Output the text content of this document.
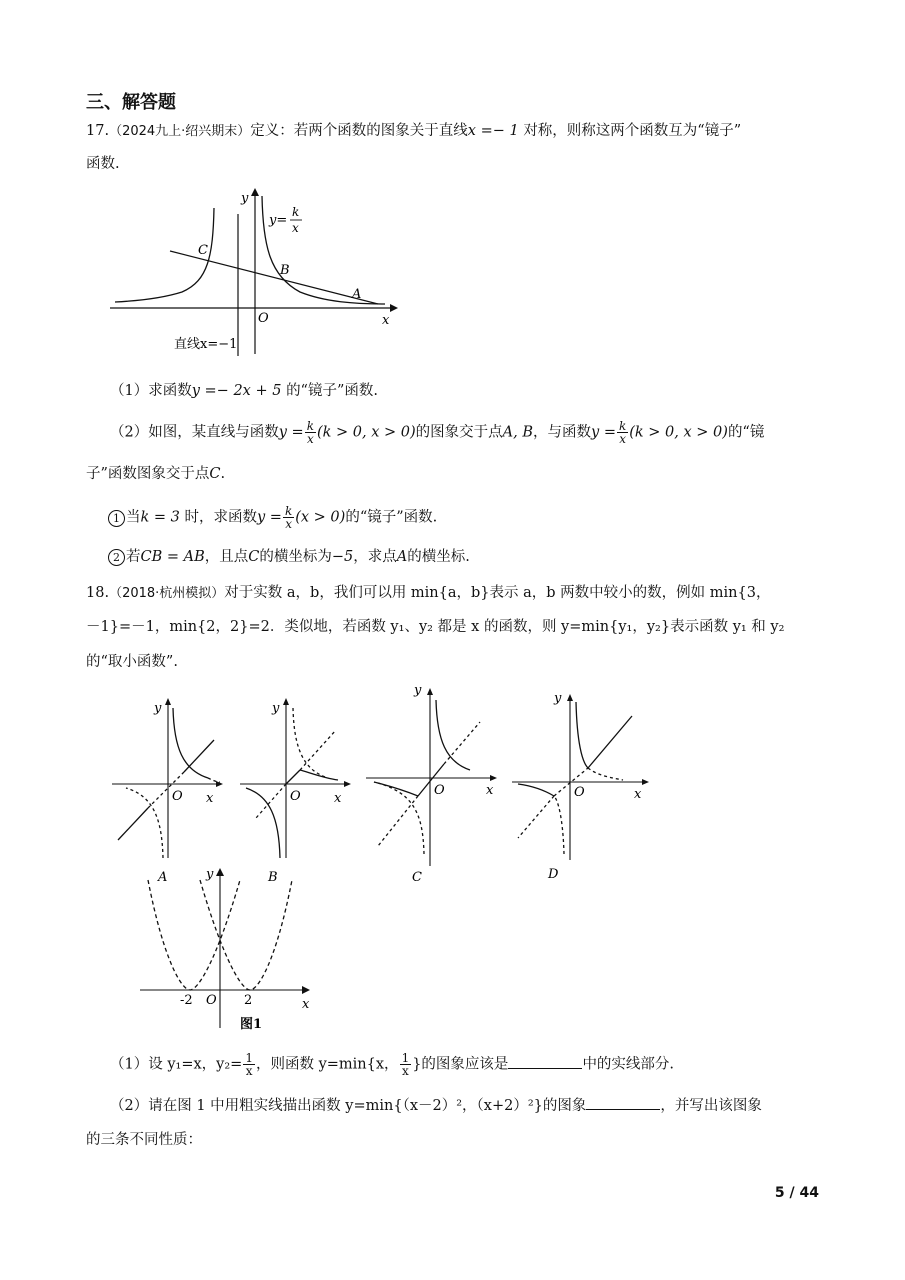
三、解答题
17.（2024九上·绍兴期末）定义：若两个函数的图象关于直线x =− 1 对称，则称这两个函数互为“镜子”
函数.
y
x
O
y=
k
x
C
B
A
直线x=−1
（1）求函数y =− 2x + 5 的“镜子”函数.
（2）如图，某直线与函数$y = \frac{k}{x} (k > 0$, x > 0)的图象交于点A, B，与函数$y = \frac{k}{x} (k > 0$, x > 0)的“镜
子”函数图象交于点C.
1 当k = 3 时，求函数$y = \frac{k}{x} (x > 0)$的“镜子”函数.
2 若CB = AB，且点C的横坐标为−5，求点A的横坐标.
18.（2018·杭州模拟）对于实数 a，b，我们可以用 min{a，b}表示 a，b 两数中较小的数，例如 min{3，
－1}=－1，min{2，2}=2．类似地，若函数 y₁、y₂ 都是 x 的函数，则 y=min{y₁，y₂}表示函数 y₁ 和 y₂
的“取小函数”.
y
x
O
A
y
x
O
B
y
x
O
C
y
x
O
D
y
x
O
-2	2
图1
（1）设 y₁=x，$y_2= \frac{1}{x}$ ，则函数 y=min{x， $\frac{1}{x}$ }的图象应该是	中的实线部分.
（2）请在图 1 中用粗实线描出函数 y=min{（x－2）²，（x+2）²}的图象	，并写出该图象
的三条不同性质：
5 / 44
